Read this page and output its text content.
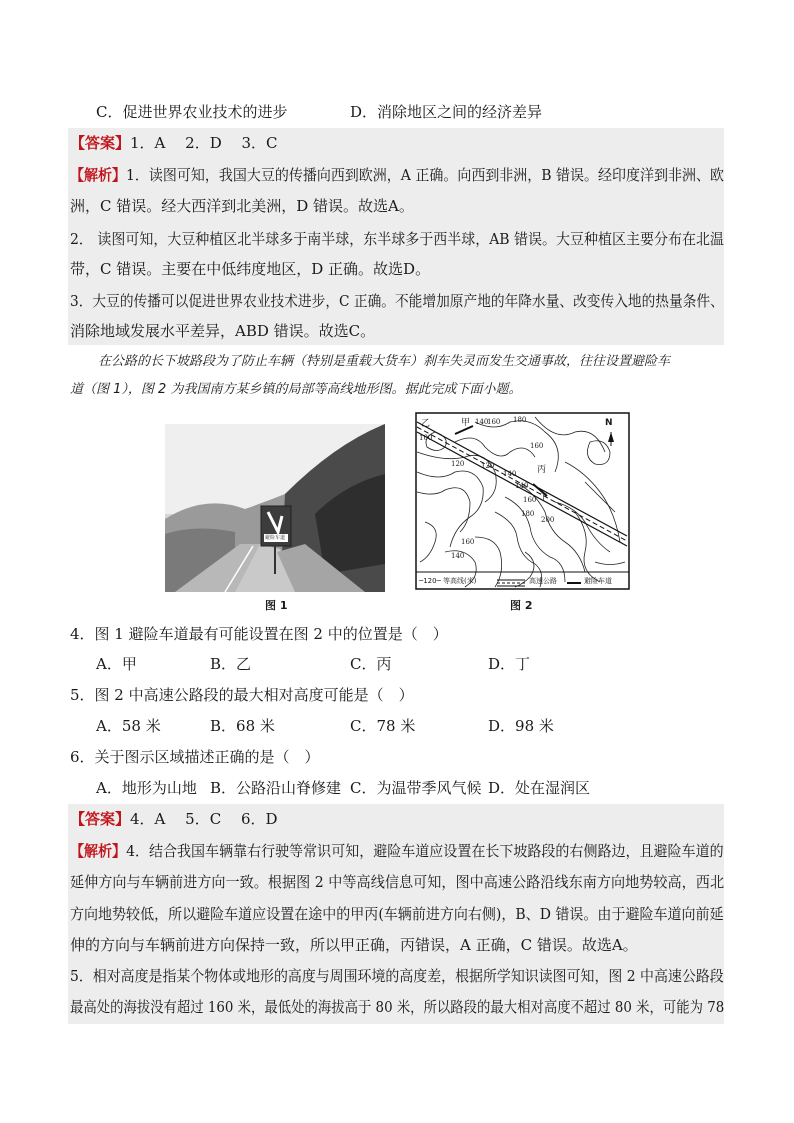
C．促进世界农业技术的进步	D．消除地区之间的经济差异
【答案】1．A　 2．D　 3．C
【解析】1．读图可知，我国大豆的传播向西到欧洲，A 正确。向西到非洲，B 错误。经印度洋到非洲、欧
洲，C 错误。经大西洋到北美洲，D 错误。故选A。
2． 读图可知，大豆种植区北半球多于南半球，东半球多于西半球，AB 错误。大豆种植区主要分布在北温
带，C 错误。主要在中低纬度地区，D 正确。故选D。
3．大豆的传播可以促进世界农业技术进步，C 正确。不能增加原产地的年降水量、改变传入地的热量条件、
消除地域发展水平差异，ABD 错误。故选C。
在公路的长下坡路段为了防止车辆（特别是重载大货车）刹车失灵而发生交通事故，往往设置避险车
道（图 1），图 2 为我国南方某乡镇的局部等高线地形图。据此完成下面小题。
避险车道
图 1
N
甲
乙
丙
丁
100
120
140
160 180
160
140
120
140
160
180
200
160
140
─120─ 等高线(米)	高速公路	避险车道
图 2
4．图 1 避险车道最有可能设置在图 2 中的位置是（　）
A．甲	B．乙	C．丙	D．丁
5．图 2 中高速公路段的最大相对高度可能是（　）
A．58 米	B．68 米	C．78 米	D．98 米
6．关于图示区域描述正确的是（　）
A．地形为山地 B．公路沿山脊修建 C．为温带季风气候 D．处在湿润区
【答案】4．A　 5．C　 6．D
【解析】4．结合我国车辆靠右行驶等常识可知，避险车道应设置在长下坡路段的右侧路边，且避险车道的
延伸方向与车辆前进方向一致。根据图 2 中等高线信息可知，图中高速公路沿线东南方向地势较高，西北
方向地势较低，所以避险车道应设置在途中的甲丙(车辆前进方向右侧)，B、D 错误。由于避险车道向前延
伸的方向与车辆前进方向保持一致，所以甲正确，丙错误，A 正确，C 错误。故选A。
5．相对高度是指某个物体或地形的高度与周围环境的高度差，根据所学知识读图可知，图 2 中高速公路段
最高处的海拔没有超过 160 米，最低处的海拔高于 80 米，所以路段的最大相对高度不超过 80 米，可能为 78
